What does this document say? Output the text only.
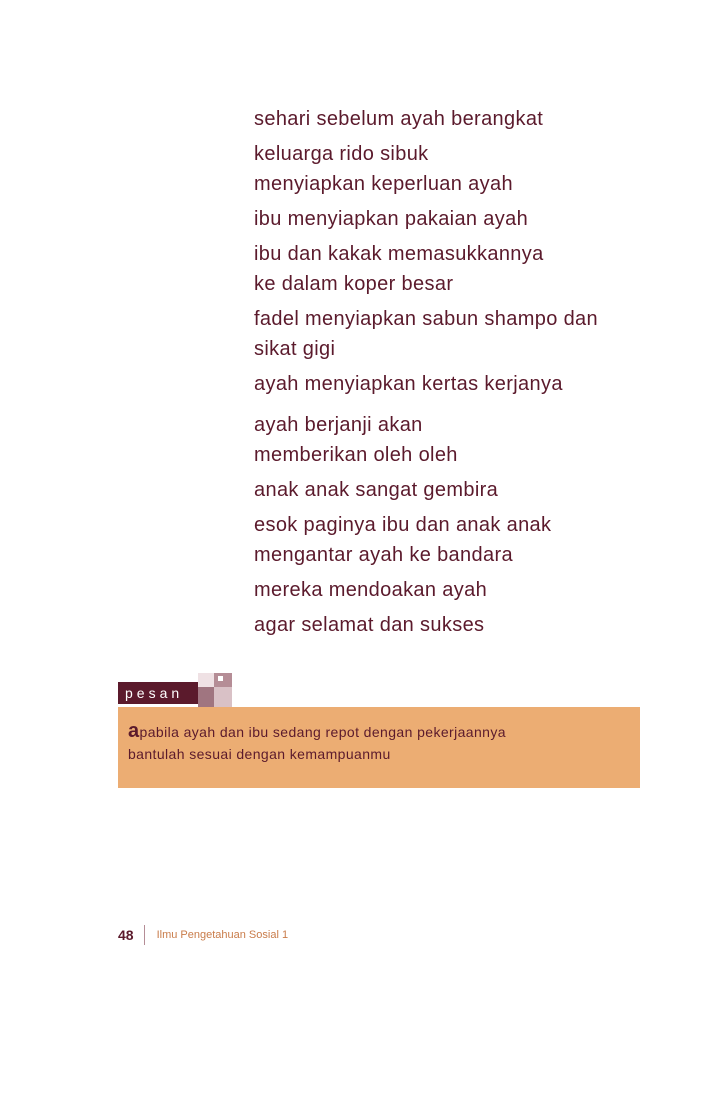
sehari sebelum ayah berangkat
keluarga rido sibuk
menyiapkan keperluan ayah
ibu menyiapkan pakaian ayah
ibu dan kakak memasukkannya
ke dalam koper besar
fadel menyiapkan sabun shampo dan
sikat gigi
ayah menyiapkan kertas kerjanya
ayah berjanji akan
memberikan oleh oleh
anak anak sangat gembira
esok paginya ibu dan anak anak
mengantar ayah ke bandara
mereka mendoakan ayah
agar selamat dan sukses
pesan
apabila ayah dan ibu sedang repot dengan pekerjaannya
bantulah sesuai dengan kemampuanmu
48 Ilmu Pengetahuan Sosial 1
